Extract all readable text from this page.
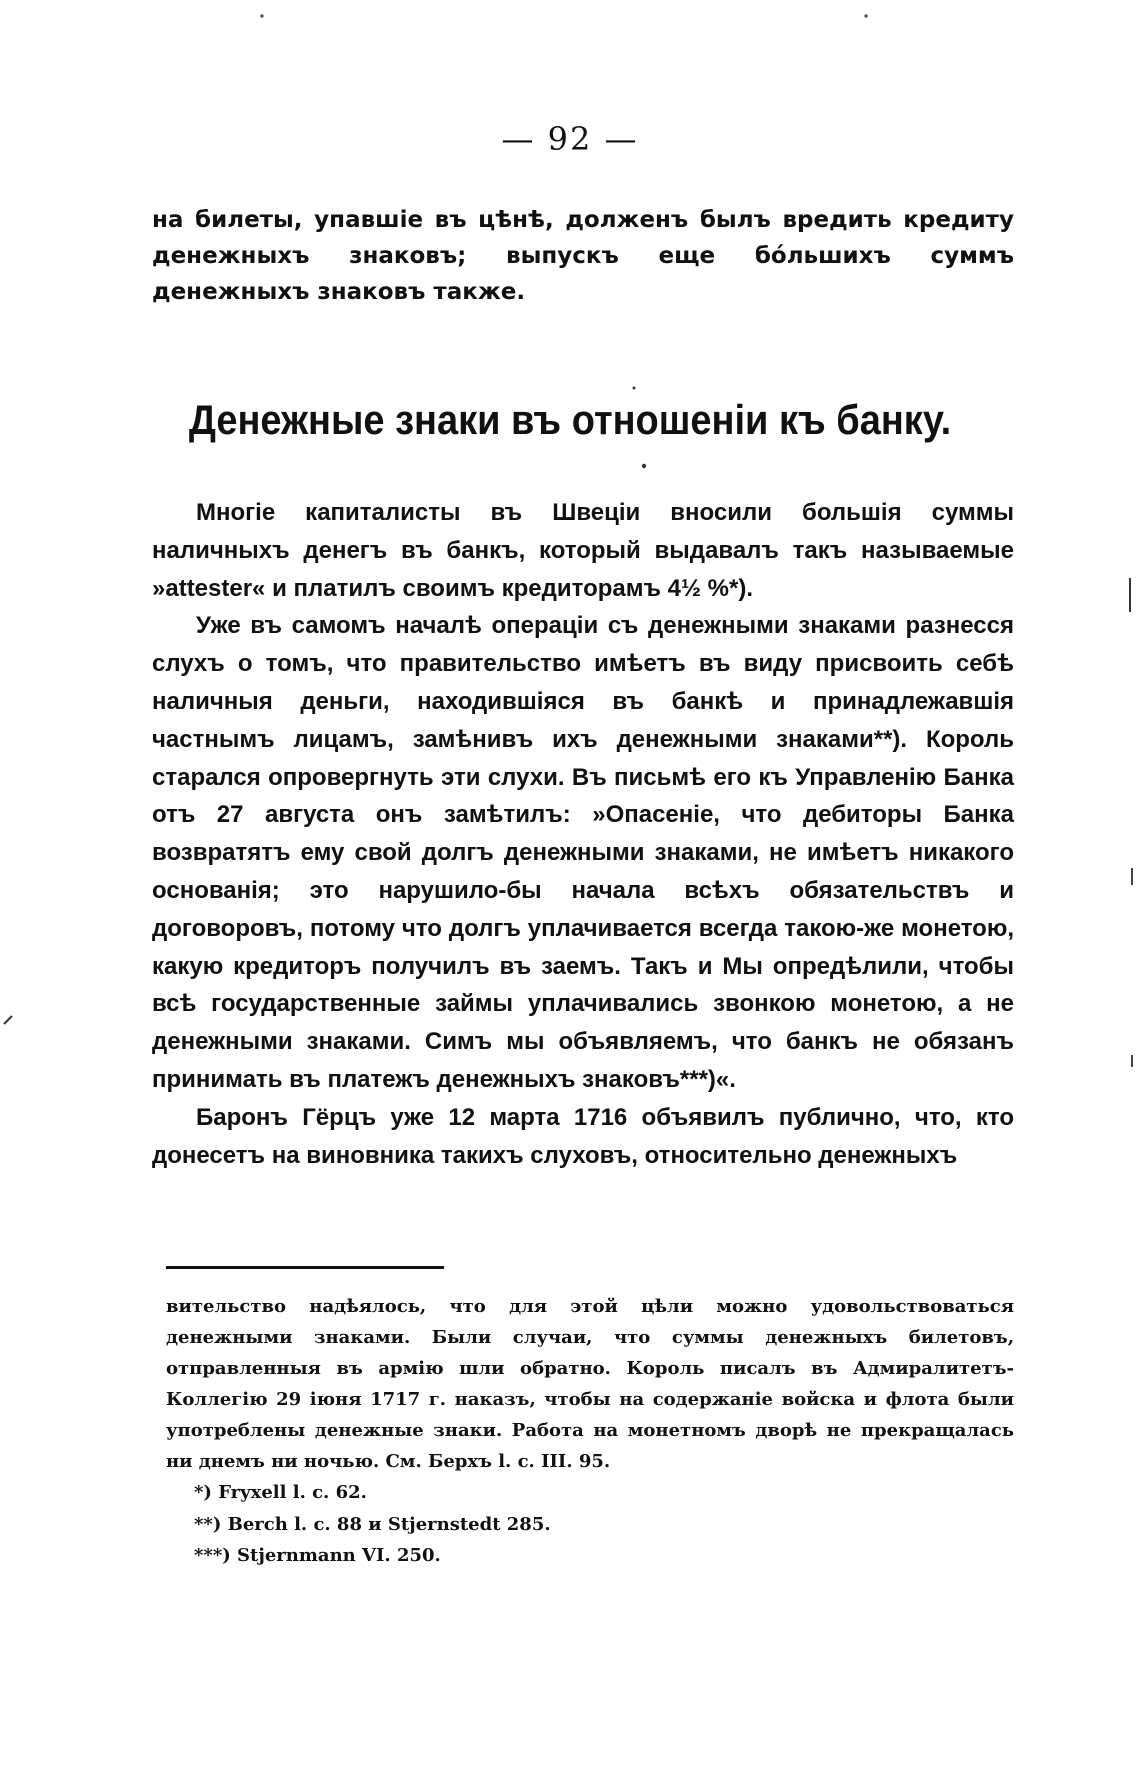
— 92 —

на билеты, упавшіе въ цѣнѣ, долженъ былъ вредить кредиту денежныхъ знаковъ; выпускъ еще бо́льшихъ суммъ денежныхъ знаковъ также.

Денежные знаки въ отношеніи къ банку.

Многіе капиталисты въ Швеціи вносили большія суммы наличныхъ денегъ въ банкъ, который выдавалъ такъ называемые »attester« и платилъ своимъ кредиторамъ 4½ %*).

Уже въ самомъ началѣ операціи съ денежными знаками разнесся слухъ о томъ, что правительство имѣетъ въ виду присвоить себѣ наличныя деньги, находившіяся въ банкѣ и принадлежавшія частнымъ лицамъ, замѣнивъ ихъ денежными знаками**). Король старался опровергнуть эти слухи. Въ письмѣ его къ Управленію Банка отъ 27 августа онъ замѣтилъ: »Опасеніе, что дебиторы Банка возвратятъ ему свой долгъ денежными знаками, не имѣетъ никакого основанія; это нарушило-бы начала всѣхъ обязательствъ и договоровъ, потому что долгъ уплачивается всегда такою-же монетою, какую кредиторъ получилъ въ заемъ. Такъ и Мы опредѣлили, чтобы всѣ государственные займы уплачивались звонкою монетою, а не денежными знаками. Симъ мы объявляемъ, что банкъ не обязанъ принимать въ платежъ денежныхъ знаковъ***)«.

Баронъ Гёрцъ уже 12 марта 1716 объявилъ публично, что, кто донесетъ на виновника такихъ слуховъ, относительно денежныхъ

вительство надѣялось, что для этой цѣли можно удовольствоваться денежными знаками. Были случаи, что суммы денежныхъ билетовъ, отправленныя въ армію шли обратно. Король писалъ въ Адмиралитетъ-Коллегію 29 іюня 1717 г. наказъ, чтобы на содержаніе войска и флота были употреблены денежные знаки. Работа на монетномъ дворѣ не прекращалась ни днемъ ни ночью. См. Берхъ l. c. III. 95.

*) Fryxell l. c. 62.

**) Berch l. c. 88 и Stjernstedt 285.

***) Stjernmann VI. 250.
